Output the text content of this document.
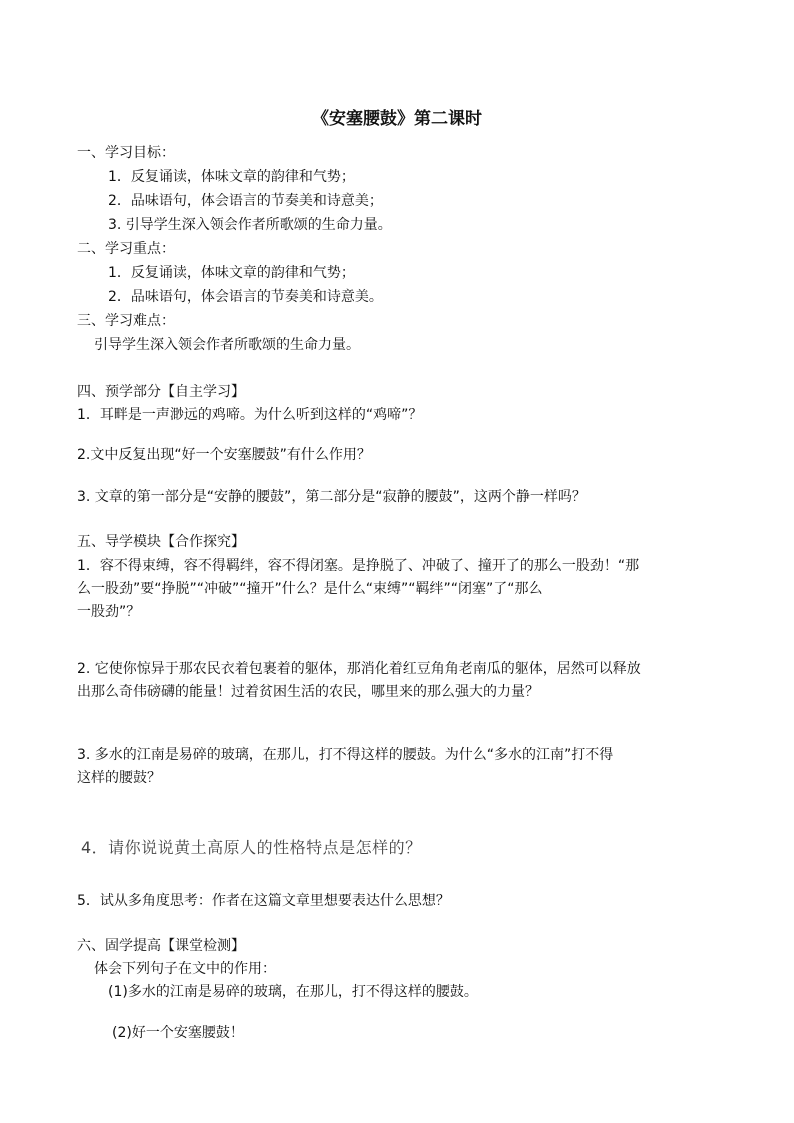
《安塞腰鼓》第二课时
一、学习目标：
1．反复诵读，体味文章的韵律和气势；
2．品味语句，体会语言的节奏美和诗意美；
3. 引导学生深入领会作者所歌颂的生命力量。
二、学习重点：
1．反复诵读，体味文章的韵律和气势；
2．品味语句，体会语言的节奏美和诗意美。
三、学习难点：
引导学生深入领会作者所歌颂的生命力量。
四、预学部分【自主学习】
1．耳畔是一声渺远的鸡啼。为什么听到这样的“鸡啼”？
2.文中反复出现“好一个安塞腰鼓”有什么作用？
3. 文章的第一部分是“安静的腰鼓”，第二部分是“寂静的腰鼓”，这两个静一样吗？
五、导学模块【合作探究】
1．容不得束缚，容不得羁绊，容不得闭塞。是挣脱了、冲破了、撞开了的那么一股劲！“那
么一股劲”要“挣脱”“冲破”“撞开”什么？是什么“束缚”“羁绊”“闭塞”了“那么
一股劲”？
2. 它使你惊异于那农民衣着包裹着的躯体，那消化着红豆角角老南瓜的躯体，居然可以释放
出那么奇伟磅礴的能量！过着贫困生活的农民，哪里来的那么强大的力量？
3. 多水的江南是易碎的玻璃，在那儿，打不得这样的腰鼓。为什么“多水的江南”打不得
这样的腰鼓？
4．请你说说黄土高原人的性格特点是怎样的？
5．试从多角度思考：作者在这篇文章里想要表达什么思想？
六、固学提高【课堂检测】
体会下列句子在文中的作用：
(1)多水的江南是易碎的玻璃，在那儿，打不得这样的腰鼓。
(2)好一个安塞腰鼓！
